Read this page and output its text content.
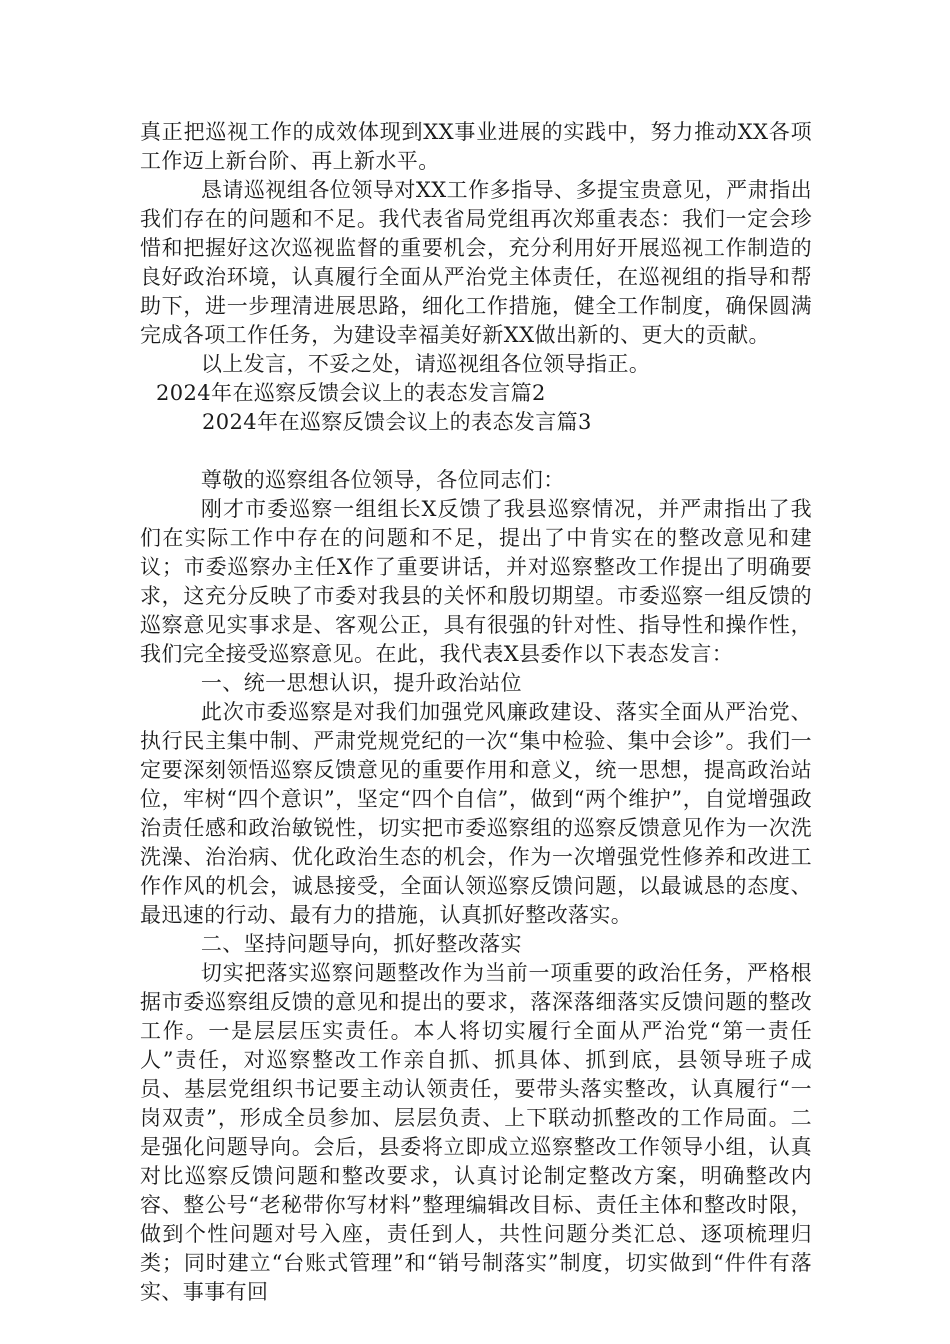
真正把巡视工作的成效体现到XX事业进展的实践中，努力推动XX各项工作迈上新台阶、再上新水平。

恳请巡视组各位领导对XX工作多指导、多提宝贵意见，严肃指出我们存在的问题和不足。我代表省局党组再次郑重表态：我们一定会珍惜和把握好这次巡视监督的重要机会，充分利用好开展巡视工作制造的良好政治环境，认真履行全面从严治党主体责任，在巡视组的指导和帮助下，进一步理清进展思路，细化工作措施，健全工作制度，确保圆满完成各项工作任务，为建设幸福美好新XX做出新的、更大的贡献。

以上发言，不妥之处，请巡视组各位领导指正。

2024年在巡察反馈会议上的表态发言篇2

2024年在巡察反馈会议上的表态发言篇3

尊敬的巡察组各位领导，各位同志们：

刚才市委巡察一组组长X反馈了我县巡察情况，并严肃指出了我们在实际工作中存在的问题和不足，提出了中肯实在的整改意见和建议；市委巡察办主任X作了重要讲话，并对巡察整改工作提出了明确要求，这充分反映了市委对我县的关怀和殷切期望。市委巡察一组反馈的巡察意见实事求是、客观公正，具有很强的针对性、指导性和操作性，我们完全接受巡察意见。在此，我代表X县委作以下表态发言：

一、统一思想认识，提升政治站位

此次市委巡察是对我们加强党风廉政建设、落实全面从严治党、执行民主集中制、严肃党规党纪的一次“集中检验、集中会诊”。我们一定要深刻领悟巡察反馈意见的重要作用和意义，统一思想，提高政治站位，牢树“四个意识”，坚定“四个自信”，做到“两个维护”，自觉增强政治责任感和政治敏锐性，切实把市委巡察组的巡察反馈意见作为一次洗洗澡、治治病、优化政治生态的机会，作为一次增强党性修养和改进工作作风的机会，诚恳接受，全面认领巡察反馈问题，以最诚恳的态度、最迅速的行动、最有力的措施，认真抓好整改落实。

二、坚持问题导向，抓好整改落实

切实把落实巡察问题整改作为当前一项重要的政治任务，严格根据市委巡察组反馈的意见和提出的要求，落深落细落实反馈问题的整改工作。一是层层压实责任。本人将切实履行全面从严治党“第一责任人”责任，对巡察整改工作亲自抓、抓具体、抓到底，县领导班子成员、基层党组织书记要主动认领责任，要带头落实整改，认真履行“一岗双责”，形成全员参加、层层负责、上下联动抓整改的工作局面。二是强化问题导向。会后，县委将立即成立巡察整改工作领导小组，认真对比巡察反馈问题和整改要求，认真讨论制定整改方案，明确整改内容、整公号“老秘带你写材料”整理编辑改目标、责任主体和整改时限，做到个性问题对号入座，责任到人，共性问题分类汇总、逐项梳理归类；同时建立“台账式管理”和“销号制落实”制度，切实做到“件件有落实、事事有回
